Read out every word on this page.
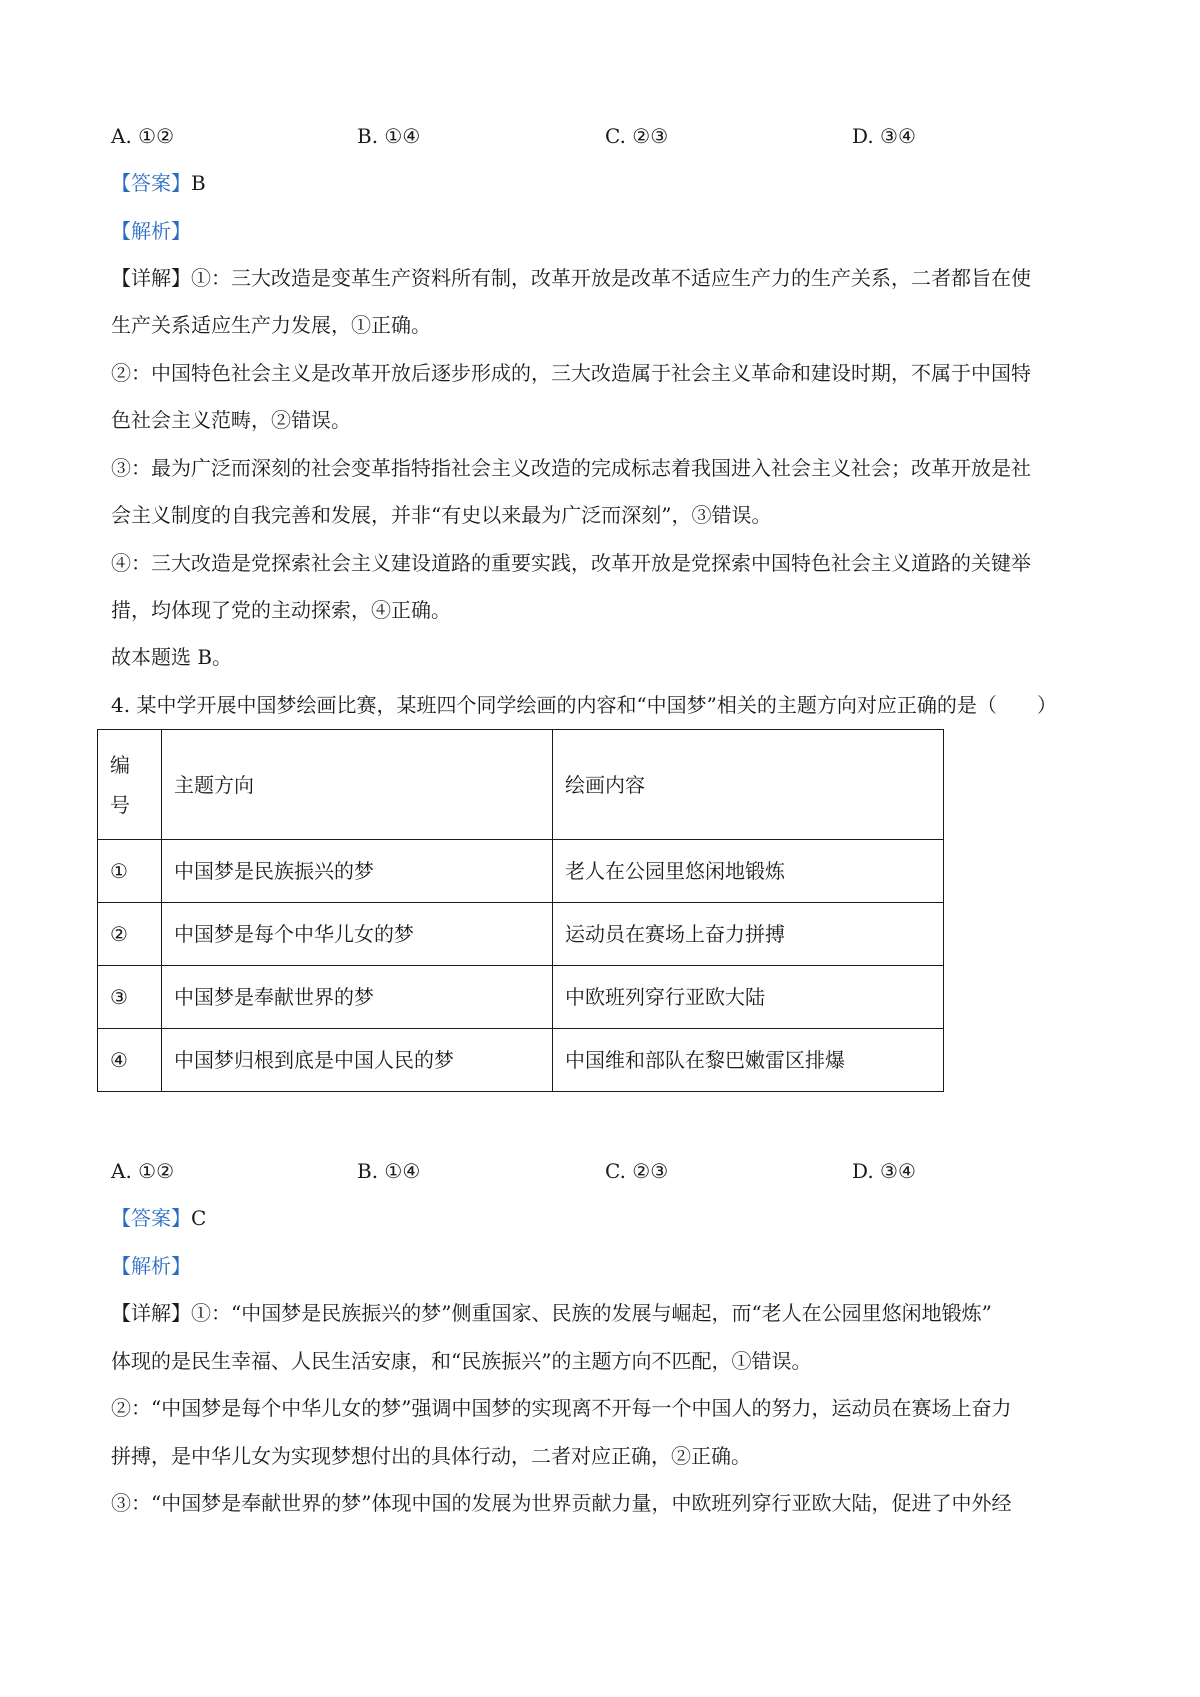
A. ①②	B. ①④	C. ②③	D. ③④
【答案】B
【解析】
【详解】①：三大改造是变革生产资料所有制，改革开放是改革不适应生产力的生产关系，二者都旨在使
生产关系适应生产力发展，①正确。
②：中国特色社会主义是改革开放后逐步形成的，三大改造属于社会主义革命和建设时期，不属于中国特
色社会主义范畴，②错误。
③：最为广泛而深刻的社会变革指特指社会主义改造的完成标志着我国进入社会主义社会；改革开放是社
会主义制度的自我完善和发展，并非“有史以来最为广泛而深刻”，③错误。
④：三大改造是党探索社会主义建设道路的重要实践，改革开放是党探索中国特色社会主义道路的关键举
措，均体现了党的主动探索，④正确。
故本题选 B。
4. 某中学开展中国梦绘画比赛，某班四个同学绘画的内容和“中国梦”相关的主题方向对应正确的是（　　）
编号	主题方向	绘画内容
①	中国梦是民族振兴的梦	老人在公园里悠闲地锻炼
②	中国梦是每个中华儿女的梦	运动员在赛场上奋力拼搏
③	中国梦是奉献世界的梦	中欧班列穿行亚欧大陆
④	中国梦归根到底是中国人民的梦	中国维和部队在黎巴嫩雷区排爆
A. ①②	B. ①④	C. ②③	D. ③④
【答案】C
【解析】
【详解】①：“中国梦是民族振兴的梦”侧重国家、民族的发展与崛起，而“老人在公园里悠闲地锻炼”
体现的是民生幸福、人民生活安康，和“民族振兴”的主题方向不匹配，①错误。
②：“中国梦是每个中华儿女的梦”强调中国梦的实现离不开每一个中国人的努力，运动员在赛场上奋力
拼搏，是中华儿女为实现梦想付出的具体行动，二者对应正确，②正确。
③：“中国梦是奉献世界的梦”体现中国的发展为世界贡献力量，中欧班列穿行亚欧大陆，促进了中外经
